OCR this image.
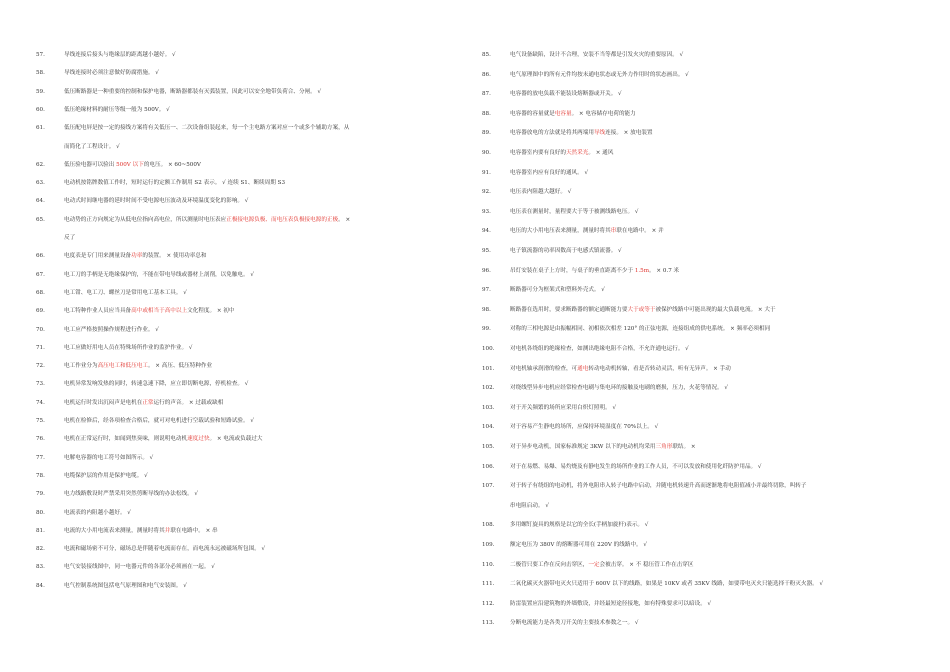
57.	导线连接后接头与绝缘层的距离越小越好。 √
58.	导线连接时必须注意做好防腐措施。 √
59.	低压断路器是一种重要的控制和保护电器，断路器都装有灭弧装置，因此可以安全地带负荷合、分闸。 √
60.	低压绝缘材料的耐压等级一般为 500V。 √
61.	低压配电屏是按一定的接线方案将有关低压一、二次设备组装起来，每一个主电路方案对应一个或多个辅助方案，从
而简化了工程设计。 √
62.	低压验电器可以验出 500V 以下的电压。 × 60~500V
63.	电动机按铭牌数值工作时，短时运行的定额工作制用 S2 表示。 √ 连续 S1、断续周期 S3
64.	电动式时间继电器的延时时间不受电源电压波动及环境温度变化的影响。 √
65.	电动势的正方向规定为从低电位指向高电位，所以测量时电压表应正极接电源负极、而电压表负极接电源的正极。 ×
反了
66.	电度表是专门用来测量设备功率的装置。 × 使用功率总和
67.	电工刀的手柄是无绝缘保护的，不能在带电导线或器材上剖削，以免触电。 √
68.	电工钳、电工刀、螺丝刀是常用电工基本工具。 √
69.	电工特种作业人员应当具备高中或相当于高中以上文化程度。 × 初中
70.	电工应严格按照操作规程进行作业。 √
71.	电工应做好用电人员在特殊场所作业的监护作业。 √
72.	电工作业分为高压电工和低压电工。 × 高压、低压特种作业
73.	电机异常发响发热的同时，转速急速下降，应立即切断电源，停机检查。 √
74.	电机运行时发出沉闷声是电机在正常运行的声音。 × 过载或缺相
75.	电机在检修后，经各项检查合格后，就可对电机进行空载试验和短路试验。 √
76.	电机在正常运行时，如闻到焦臭味，则说明电动机速度过快。 × 电流或负载过大
77.	电解电容器的电工符号如图所示。 √
78.	电缆保护层的作用是保护电缆。 √
79.	电力线路敷设时严禁采用突然剪断导线的办法松线。 √
80.	电流表的内阻越小越好。 √
81.	电流的大小用电流表来测量，测量时将其并联在电路中。 × 串
82.	电流和磁场密不可分，磁场总是伴随着电流而存在，而电流永远被磁场所包围。 √
83.	电气安装接线图中，同一电器元件的各部分必须画在一起。 √
84.	电气控制系统图包括电气原理图和电气安装图。 √
85.	电气设备缺陷，设计不合理，安装不当等都是引发火灾的重要原因。 √
86.	电气原理图中的所有元件均按未通电状态或无外力作用时的状态画出。 √
87.	电容器的放电负载不能装设熔断器或开关。 √
88.	电容器的容量就是电容量。 × 电容储存电荷的能力
89.	电容器放电的方法就是将其两端用导线连接。 × 放电装置
90.	电容器室内要有良好的天然采光。 × 通风
91.	电容器室内应有良好的通风。 √
92.	电压表内阻越大越好。 √
93.	电压表在测量时，量程要大于等于被测线路电压。 √
94.	电压的大小用电压表来测量，测量时将其串联在电路中。 × 并
95.	电子镇流器的功率因数高于电感式镇流器。 √
96.	吊灯安装在桌子上方时，与桌子的垂直距离不少于 1.5m。 × 0.7 米
97.	断路器可分为框架式和塑料外壳式。 √
98.	断路器在选用时，要求断路器的额定通断能力要大于或等于被保护线路中可能出现的最大负载电流。 × 大于
99.	对称的三相电源是由振幅相同、初相依次相差 120° 的正弦电源，连接组成的供电系统。 × 频率必须相同
100.	对电机各绕组的绝缘检查，如测出绝缘电阻不合格，不允许通电运行。 √
101.	对电机轴承润滑的检查，可通电转动电动机转轴，看是否转动灵活，听有无异声。 × 手动
102.	对绕线型异步电机应经常检查电刷与集电环的接触及电刷的磨损，压力，火花等情况。 √
103.	对于开关频繁的场所应采用白炽灯照明。 √
104.	对于容易产生静电的场所，应保持环境湿度在 70%以上。 √
105.	对于异步电动机，国家标准规定 3KW 以下的电动机均采用三角形联结。 ×
106.	对于在易燃、易爆、易灼烧及有静电发生的场所作业的工作人员，不可以发放和使用化纤防护用品。 √
107.	对于转子有绕组的电动机，将外电阻串入转子电路中启动，并随电机转速升高而逐渐地将电阻值减小并最终切除，叫转子
串电阻启动。 √
108.	多用螺钉旋具的规格是以它的全长(手柄加旋杆)表示。 √
109.	额定电压为 380V 的熔断器可用在 220V 的线路中。 √
110.	二极管只要工作在反向击穿区，一定会被击穿。 × 不 稳压管工作在击穿区
111.	二氧化碳灭火器带电灭火只适用于 600V 以下的线路，如果是 10KV 或者 35KV 线路，如要带电灭火只能选择干粉灭火器。 √
112.	防雷装置应沿建筑物的外墙敷设，并经最短途径接地，如有特殊要求可以暗设。 √
113.	分断电流能力是各类刀开关的主要技术参数之一。 √
